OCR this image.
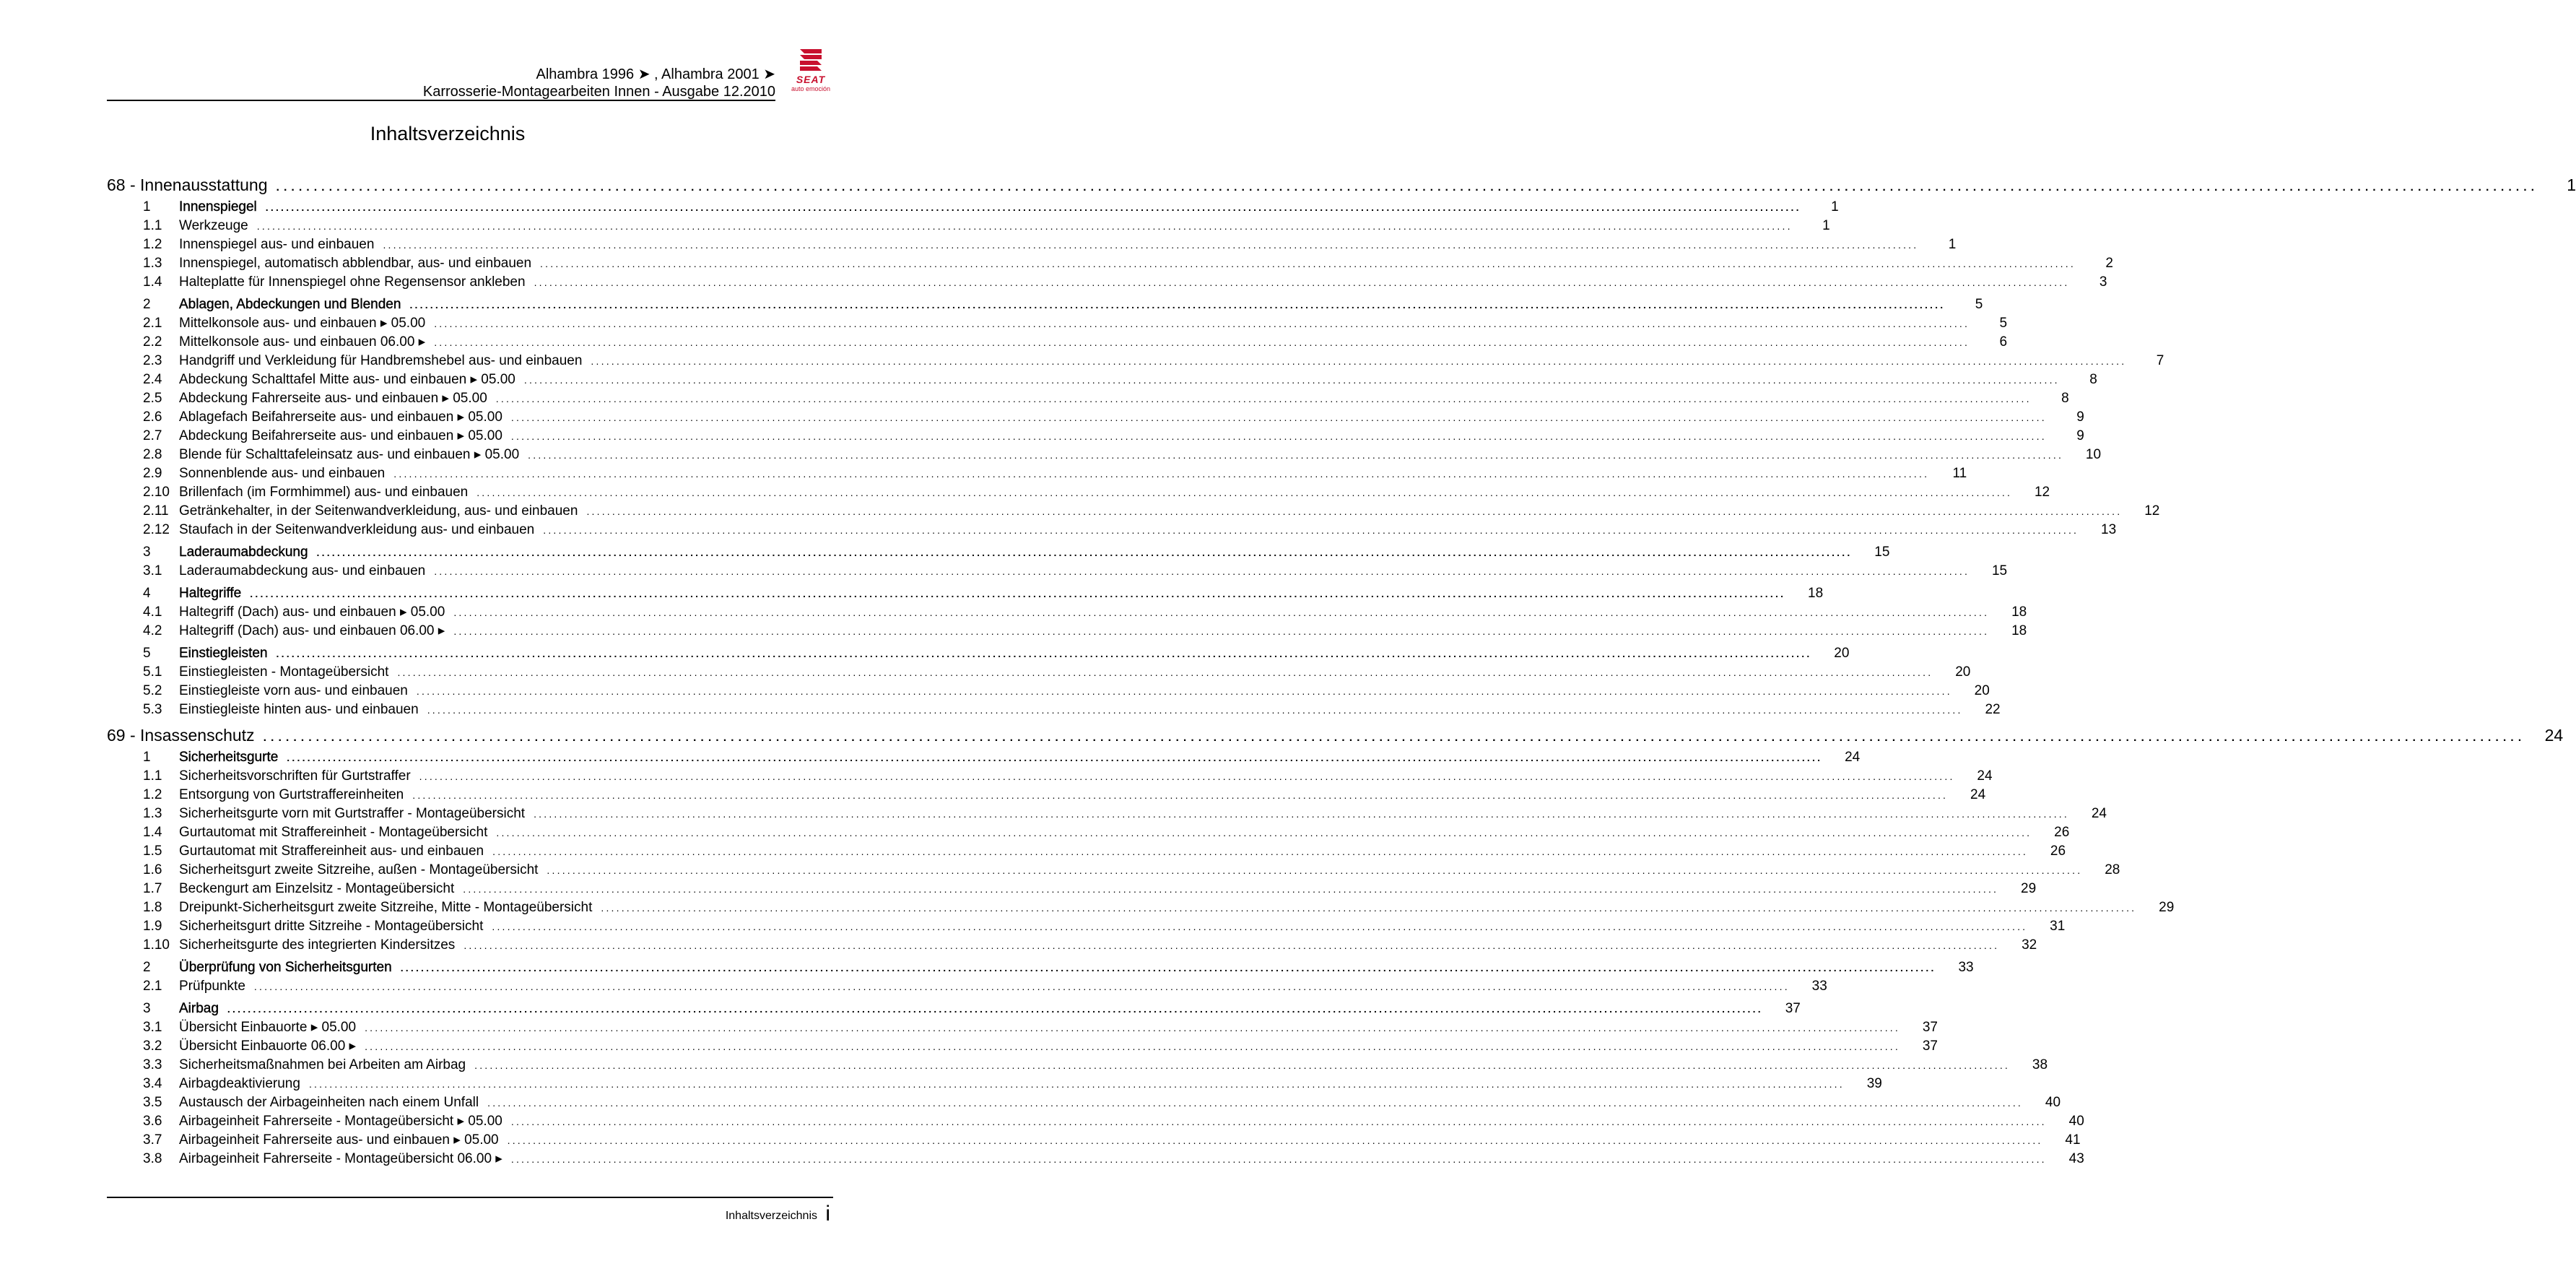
Alhambra 1996 ➤ , Alhambra 2001 ➤
Karrosserie-Montagearbeiten Innen - Ausgabe 12.2010
SEAT
auto emoción
Inhaltsverzeichnis
68 - Innenausstattung ............................................................................................................................................................................................................................................................................................................	1
1	Innenspiegel ............................................................................................................................................................................................................................................................................................................	1
1.1	Werkzeuge ............................................................................................................................................................................................................................................................................................................	1
1.2	Innenspiegel aus- und einbauen ............................................................................................................................................................................................................................................................................................................	1
1.3	Innenspiegel, automatisch abblendbar, aus- und einbauen ............................................................................................................................................................................................................................................................................................................	2
1.4	Halteplatte für Innenspiegel ohne Regensensor ankleben ............................................................................................................................................................................................................................................................................................................	3
2	Ablagen, Abdeckungen und Blenden ............................................................................................................................................................................................................................................................................................................	5
2.1	Mittelkonsole aus- und einbauen ▸ 05.00 ............................................................................................................................................................................................................................................................................................................	5
2.2	Mittelkonsole aus- und einbauen 06.00 ▸ ............................................................................................................................................................................................................................................................................................................	6
2.3	Handgriff und Verkleidung für Handbremshebel aus- und einbauen ............................................................................................................................................................................................................................................................................................................	7
2.4	Abdeckung Schalttafel Mitte aus- und einbauen ▸ 05.00 ............................................................................................................................................................................................................................................................................................................	8
2.5	Abdeckung Fahrerseite aus- und einbauen ▸ 05.00 ............................................................................................................................................................................................................................................................................................................	8
2.6	Ablagefach Beifahrerseite aus- und einbauen ▸ 05.00 ............................................................................................................................................................................................................................................................................................................	9
2.7	Abdeckung Beifahrerseite aus- und einbauen ▸ 05.00 ............................................................................................................................................................................................................................................................................................................	9
2.8	Blende für Schalttafeleinsatz aus- und einbauen ▸ 05.00 ............................................................................................................................................................................................................................................................................................................	10
2.9	Sonnenblende aus- und einbauen ............................................................................................................................................................................................................................................................................................................	11
2.10 Brillenfach (im Formhimmel) aus- und einbauen ............................................................................................................................................................................................................................................................................................................	12
2.11 Getränkehalter, in der Seitenwandverkleidung, aus- und einbauen ............................................................................................................................................................................................................................................................................................................	12
2.12 Staufach in der Seitenwandverkleidung aus- und einbauen ............................................................................................................................................................................................................................................................................................................	13
3	Laderaumabdeckung ............................................................................................................................................................................................................................................................................................................	15
3.1	Laderaumabdeckung aus- und einbauen ............................................................................................................................................................................................................................................................................................................	15
4	Haltegriffe ............................................................................................................................................................................................................................................................................................................	18
4.1	Haltegriff (Dach) aus- und einbauen ▸ 05.00 ............................................................................................................................................................................................................................................................................................................	18
4.2	Haltegriff (Dach) aus- und einbauen 06.00 ▸ ............................................................................................................................................................................................................................................................................................................	18
5	Einstiegleisten ............................................................................................................................................................................................................................................................................................................	20
5.1	Einstiegleisten - Montageübersicht ............................................................................................................................................................................................................................................................................................................	20
5.2	Einstiegleiste vorn aus- und einbauen ............................................................................................................................................................................................................................................................................................................	20
5.3	Einstiegleiste hinten aus- und einbauen ............................................................................................................................................................................................................................................................................................................	22
69 - Insassenschutz ............................................................................................................................................................................................................................................................................................................	24
1	Sicherheitsgurte ............................................................................................................................................................................................................................................................................................................	24
1.1	Sicherheitsvorschriften für Gurtstraffer ............................................................................................................................................................................................................................................................................................................	24
1.2	Entsorgung von Gurtstraffereinheiten ............................................................................................................................................................................................................................................................................................................	24
1.3	Sicherheitsgurte vorn mit Gurtstraffer - Montageübersicht ............................................................................................................................................................................................................................................................................................................	24
1.4	Gurtautomat mit Straffereinheit - Montageübersicht ............................................................................................................................................................................................................................................................................................................	26
1.5	Gurtautomat mit Straffereinheit aus- und einbauen ............................................................................................................................................................................................................................................................................................................	26
1.6	Sicherheitsgurt zweite Sitzreihe, außen - Montageübersicht ............................................................................................................................................................................................................................................................................................................	28
1.7	Beckengurt am Einzelsitz - Montageübersicht ............................................................................................................................................................................................................................................................................................................	29
1.8	Dreipunkt-Sicherheitsgurt zweite Sitzreihe, Mitte - Montageübersicht ............................................................................................................................................................................................................................................................................................................	29
1.9	Sicherheitsgurt dritte Sitzreihe - Montageübersicht ............................................................................................................................................................................................................................................................................................................	31
1.10 Sicherheitsgurte des integrierten Kindersitzes ............................................................................................................................................................................................................................................................................................................	32
2	Überprüfung von Sicherheitsgurten ............................................................................................................................................................................................................................................................................................................	33
2.1	Prüfpunkte ............................................................................................................................................................................................................................................................................................................	33
3	Airbag ............................................................................................................................................................................................................................................................................................................	37
3.1	Übersicht Einbauorte ▸ 05.00 ............................................................................................................................................................................................................................................................................................................	37
3.2	Übersicht Einbauorte 06.00 ▸ ............................................................................................................................................................................................................................................................................................................	37
3.3	Sicherheitsmaßnahmen bei Arbeiten am Airbag ............................................................................................................................................................................................................................................................................................................	38
3.4	Airbagdeaktivierung ............................................................................................................................................................................................................................................................................................................	39
3.5	Austausch der Airbageinheiten nach einem Unfall ............................................................................................................................................................................................................................................................................................................	40
3.6	Airbageinheit Fahrerseite - Montageübersicht ▸ 05.00 ............................................................................................................................................................................................................................................................................................................	40
3.7	Airbageinheit Fahrerseite aus- und einbauen ▸ 05.00 ............................................................................................................................................................................................................................................................................................................	41
3.8	Airbageinheit Fahrerseite - Montageübersicht 06.00 ▸ ............................................................................................................................................................................................................................................................................................................	43
Inhaltsverzeichnis i
